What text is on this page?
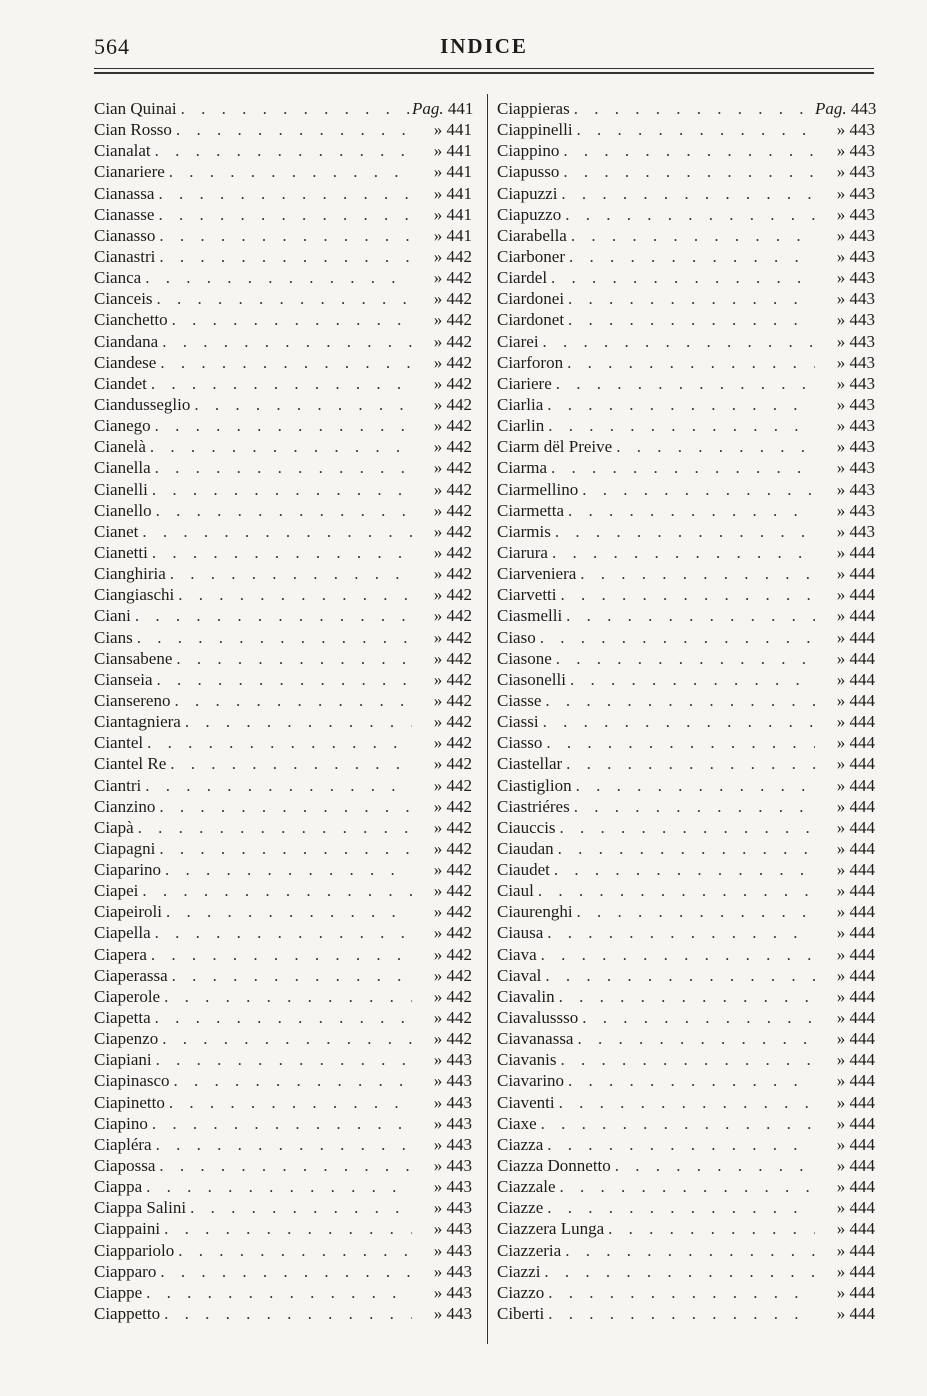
564	INDICE
Cian Quinai . . .	Pag. 441
Cian Rosso . . .	» 441
Cianalat . . .	» 441
Cianariere . . .	» 441
Cianassa . . .	» 441
Cianasse . . .	» 441
Cianasso . . .	» 441
Cianastri . . .	» 442
Cianca . . .	» 442
Cianceis . . .	» 442
Cianchetto . . .	» 442
Ciandana . . .	» 442
Ciandese . . .	» 442
Ciandet . . .	» 442
Ciandusseglio . . .	» 442
Cianego . . .	» 442
Cianelà . . .	» 442
Cianella . . .	» 442
Cianelli . . .	» 442
Cianello . . .	» 442
Cianet . . .	» 442
Cianetti . . .	» 442
Cianghiria . . .	» 442
Ciangiaschi . . .	» 442
Ciani . . .	» 442
Cians . . .	» 442
Ciansabene . . .	» 442
Cianseia . . .	» 442
Ciansereno . . .	» 442
Ciantagniera . . .	» 442
Ciantel . . .	» 442
Ciantel Re . . .	» 442
Ciantri . . .	» 442
Cianzino . . .	» 442
Ciapà . . .	» 442
Ciapagni . . .	» 442
Ciaparino . . .	» 442
Ciapei . . .	» 442
Ciapeiroli . . .	» 442
Ciapella . . .	» 442
Ciapera . . .	» 442
Ciaperassa . . .	» 442
Ciaperole . . .	» 442
Ciapetta . . .	» 442
Ciapenzo . . .	» 442
Ciapiani . . .	» 443
Ciapinasco . . .	» 443
Ciapinetto . . .	» 443
Ciapino . . .	» 443
Ciapléra . . .	» 443
Ciapossa . . .	» 443
Ciappa . . .	» 443
Ciappa Salini . . .	» 443
Ciappaini . . .	» 443
Ciappariolo . . .	» 443
Ciapparo . . .	» 443
Ciappe . . .	» 443
Ciappetto . . .	» 443
Ciappieras . . .	Pag. 443
Ciappinelli . . .	» 443
Ciappino . . .	» 443
Ciapusso . . .	» 443
Ciapuzzi . . .	» 443
Ciapuzzo . . .	» 443
Ciarabella . . .	» 443
Ciarboner . . .	» 443
Ciardel . . .	» 443
Ciardonei . . .	» 443
Ciardonet . . .	» 443
Ciarei . . .	» 443
Ciarforon . . .	» 443
Ciariere . . .	» 443
Ciarlia . . .	» 443
Ciarlin . . .	» 443
Ciarm dël Preive . . .	» 443
Ciarma . . .	» 443
Ciarmellino . . .	» 443
Ciarmetta . . .	» 443
Ciarmis . . .	» 443
Ciarura . . .	» 444
Ciarveniera . . .	» 444
Ciarvetti . . .	» 444
Ciasmelli . . .	» 444
Ciaso . . .	» 444
Ciasone . . .	» 444
Ciasonelli . . .	» 444
Ciasse . . .	» 444
Ciassi . . .	» 444
Ciasso . . .	» 444
Ciastellar . . .	» 444
Ciastiglion . . .	» 444
Ciastriéres . . .	» 444
Ciauccis . . .	» 444
Ciaudan . . .	» 444
Ciaudet . . .	» 444
Ciaul . . .	» 444
Ciaurenghi . . .	» 444
Ciausa . . .	» 444
Ciava . . .	» 444
Ciaval . . .	» 444
Ciavalin . . .	» 444
Ciavalussso . . .	» 444
Ciavanassa . . .	» 444
Ciavanis . . .	» 444
Ciavarino . . .	» 444
Ciaventi . . .	» 444
Ciaxe . . .	» 444
Ciazza . . .	» 444
Ciazza Donnetto . . .	» 444
Ciazzale . . .	» 444
Ciazze . . .	» 444
Ciazzera Lunga . . .	» 444
Ciazzeria . . .	» 444
Ciazzi . . .	» 444
Ciazzo . . .	» 444
Ciberti . . .	» 444
